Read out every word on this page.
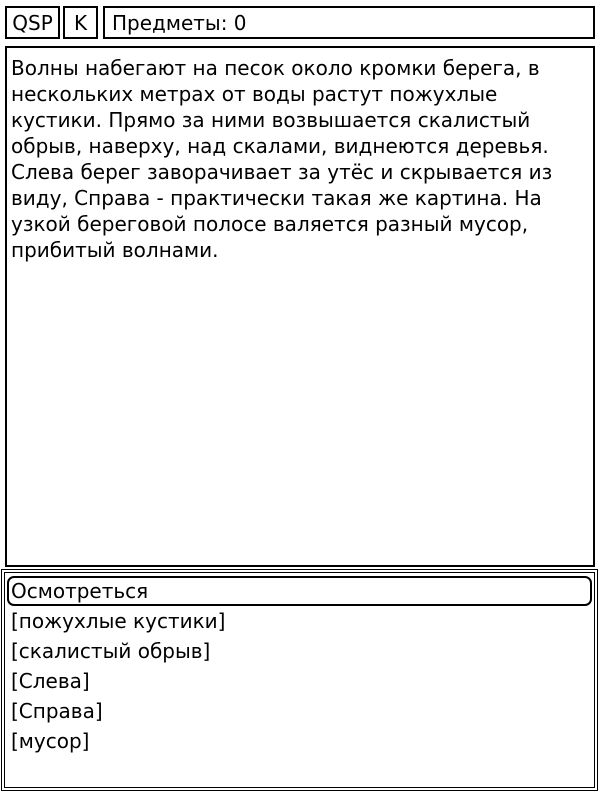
QSP	K	Предметы: 0

Волны набегают на песок около кромки берега, в нескольких метрах от воды растут пожухлые кустики. Прямо за ними возвышается скалистый обрыв, наверху, над скалами, виднеются деревья. Слева берег заворачивает за утёс и скрывается из виду, Справа - практически такая же картина. На узкой береговой полосе валяется разный мусор, прибитый волнами.

Осмотреться
[пожухлые кустики]
[скалистый обрыв]
[Слева]
[Справа]
[мусор]
